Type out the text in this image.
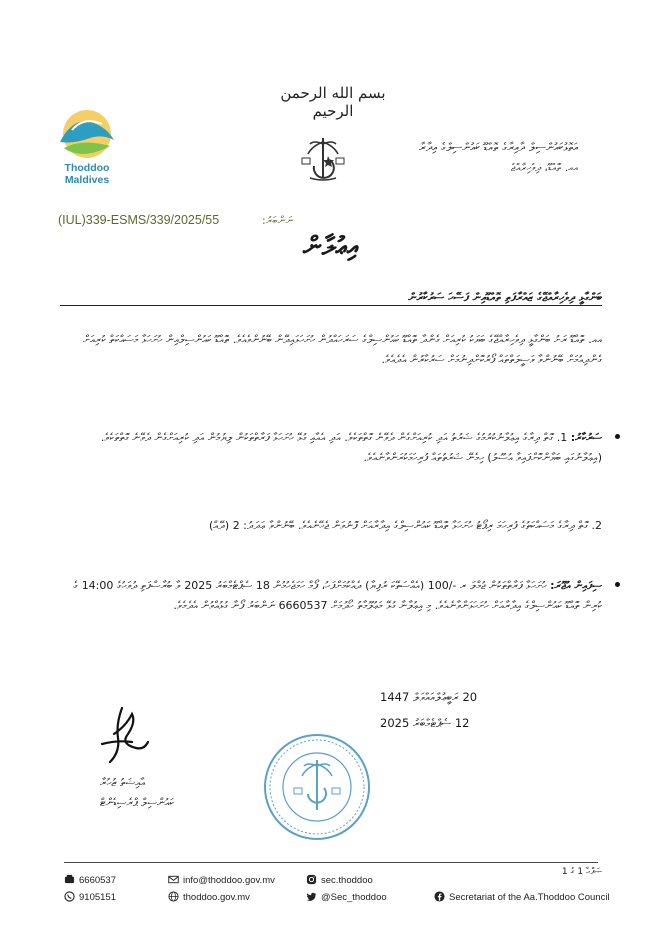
Thoddoo
Maldives
بسم الله الرحمن الرحيم
އަތޮޅުކައުންސިލް ދާއިރާގެ ތޮއްޑޫ ކައުންސިލްގެ އިދާރާ
އއ. ތޮއްޑޫ، ދިވެހިރާއްޖެ
(IUL)339-ESMS/339/2025/55	ނަންބަރު:
އިޢުލާން
ބަންގާޅީ ދިވެހިރާއްޖޭގެ ޒައްރާފަތި ތޮއްޑޫއިން ފަސޭހަ ސަރުކާރުން
އއ. ތޮއްޑޫ ރަށު ބަންގާޅީ ދިވެހިރާއްޖޭގެ ބަޔަކު ކުރިއަށް ގެންދާ ތޮއްޑޫ ކައުންސިލްގެ ސަރަހައްދުން ހުށަހަޅައިދޭން ބޭނުންވެއެވެ. ތޮއްޑޫ ކައުންސިލްއިން ހުށަހަޅާ މަސައްކަތް ކުރިއަށް ގެންދިއުމަށް ބޭނުންވާ ވަސީލަތްތައް ފޯރުކޮށްދިނުމަށް ސަރުކާރުން އެދެއެވެ.
ސަރުކާރު: 1. ގޮތް ދިރާގެ އިޢުލާނުކުރުމުގެ ޝަރުތު އަދި ކުރިއަށްގެން ދެވޭނެ ގޮތްތަކެވެ. އަދި އެއާއި ގުޅޭ ހުށަހަޅާ ފަރާތްތަކުން ލިޔުމުން އަދި ކުރިއަށްގެން ދެވޭނެ ގޮތްތަކެވެ. (އިޢުލާނުގައި ބަޔާންކޮށްފައިވާ އުސޫލު) ހިމެނޭ ޝަރުތުތައް ފުރިހަމަކުރަންވާނެއެވެ.
2. ގޮތް ދިރާގެ މަސައްކަތުގެ ފުރިހަމަ ރިޕޯޓު ހުށަހަޅާ ތޮއްޑޫ ކައުންސިލްގެ އިދާރާއަށް ފޮނުވަން ޖެހޭނެއެވެ. ބޭނުންވާ ޢަދަދު: 2 (ދޭއް)
ސިފައިން އުޖޫރަ: ހުށަހަޅާ ފަރާތްތަކުން ޖުމްލަ ރ -/100 (އެއްސަތޭކަ ރުފިޔާ) ދެއްކުމަށްފަހު، ފޯމް ހަމަޖެހުމުން 18 ސެޕްޓެމްބަރު 2025 ވާ ބުރާސްފަތި ދުވަހުގެ 14:00 ގެ ކުރިން ތޮއްޑޫ ކައުންސިލްގެ އިދާރާއަށް ހުށަހަޅަންވާނެއެވެ. މި އިޢުލާނާ ގުޅޭ މަޢުލޫމާތު ހޯދުމަށް 6660537 ނަންބަރު ފޯނާ ގުޅުއްވުން އެދެމެވެ.
20 ރަބީޢުލްއައްވަލް 1447
12 ސެޕްޓެމްބަރު 2025
އާއިޝަތު ޒުހުރާ
ކައުންސިލް ޕްރެސިޑެންޓް
ޞަފްޙާ 1 ގެ 1
6660537
9105151
info@thoddoo.gov.mv
thoddoo.gov.mv
sec.thoddoo
@Sec_thoddoo	Secretariat of the Aa.Thoddoo Council
